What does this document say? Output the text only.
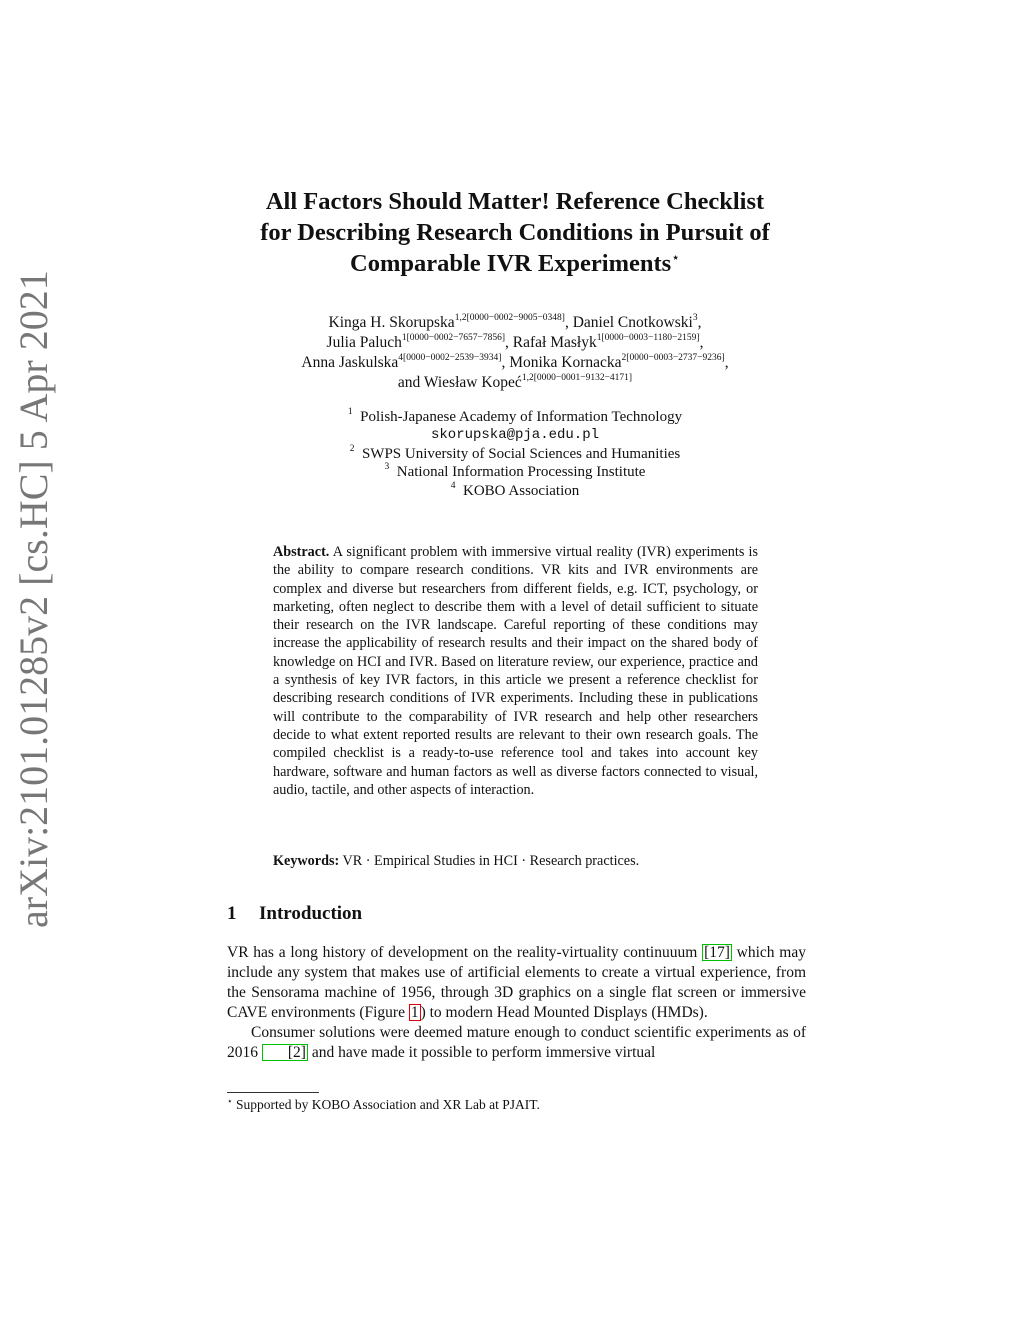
arXiv:2101.01285v2 [cs.HC] 5 Apr 2021
All Factors Should Matter! Reference Checklist
for Describing Research Conditions in Pursuit of
Comparable IVR Experiments⋆
Kinga H. Skorupska$^{1,2[0000-0002-9005-0348]}$, Daniel Cnotkowski$^3$,
Julia Paluch$^{1[0000-0002-7657-7856]}$, Rafał Masłyk$^{1[0000-0003-1180-2159]}$,
Anna Jaskulska$^{4[0000-0002-2539-3934]}$, Monika Kornacka$^{2[0000-0003-2737-9236]}$,
and Wiesław Kopeć$^{1,2[0000-0001-9132-4171]}$
$^1$ Polish-Japanese Academy of Information Technology
skorupska@pja.edu.pl
$^2$ SWPS University of Social Sciences and Humanities
$^3$ National Information Processing Institute
$^4$ KOBO Association
Abstract. A significant problem with immersive virtual reality (IVR) experiments is the ability to compare research conditions. VR kits and IVR environments are complex and diverse but researchers from different fields, e.g. ICT, psychology, or marketing, often neglect to describe them with a level of detail sufficient to situate their research on the IVR landscape. Careful reporting of these conditions may increase the applicability of research results and their impact on the shared body of knowledge on HCI and IVR. Based on literature review, our experience, practice and a synthesis of key IVR factors, in this article we present a reference checklist for describing research conditions of IVR experiments. Including these in publications will contribute to the comparability of IVR research and help other researchers decide to what extent reported results are relevant to their own research goals. The compiled checklist is a ready-to-use reference tool and takes into account key hardware, software and human factors as well as diverse factors connected to visual, audio, tactile, and other aspects of interaction.
Keywords: VR · Empirical Studies in HCI · Research practices.
1 Introduction

VR has a long history of development on the reality-virtuality continuuum [17] which may include any system that makes use of artificial elements to create a virtual experience, from the Sensorama machine of 1956, through 3D graphics on a single flat screen or immersive CAVE environments (Figure 1 ) to modern Head Mounted Displays (HMDs).

Consumer solutions were deemed mature enough to conduct scientific experiments as of 2016 [2] and have made it possible to perform immersive virtual

⋆ Supported by KOBO Association and XR Lab at PJAIT.
